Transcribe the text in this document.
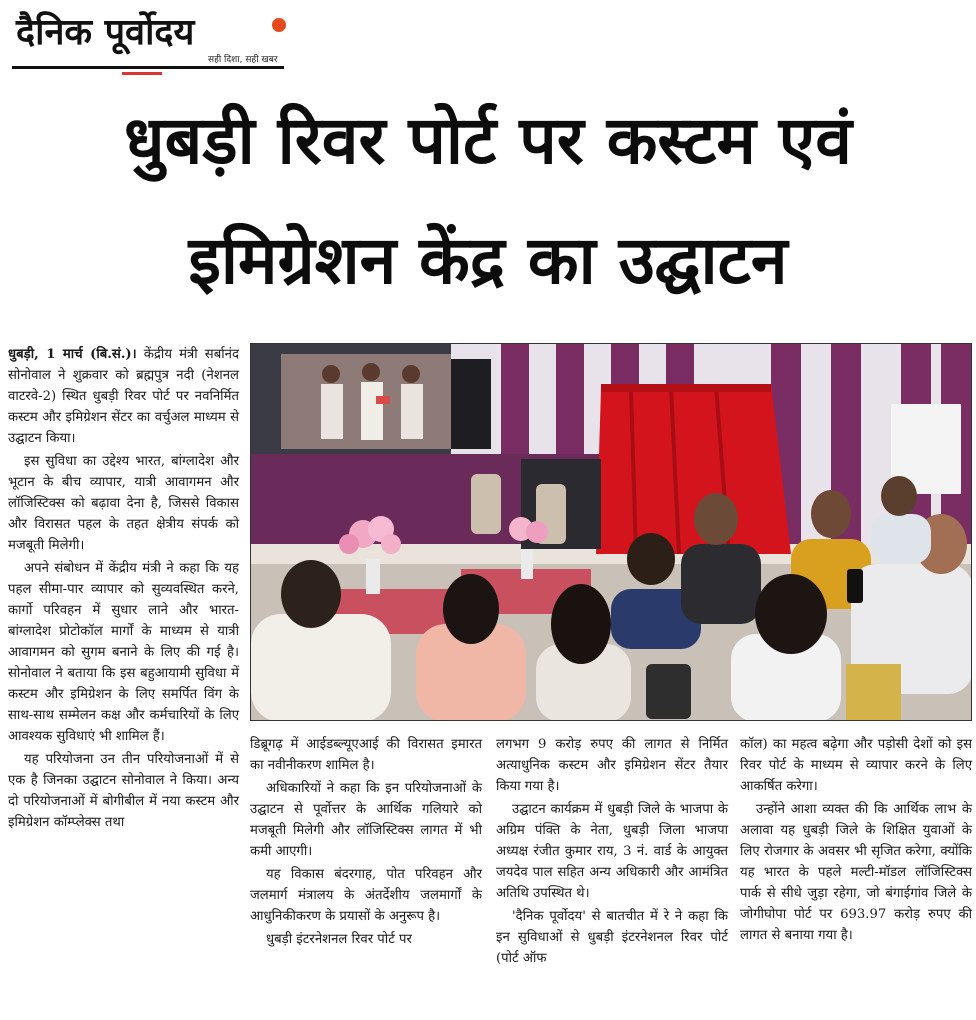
दैनिक पूर्वोदय
सही दिशा, सही खबर
धुबड़ी रिवर पोर्ट पर कस्टम एवं
इमिग्रेशन केंद्र का उद्घाटन

धुबड़ी, 1 मार्च (बि.सं.)। केंद्रीय मंत्री सर्बानंद सोनोवाल ने शुक्रवार को ब्रह्मपुत्र नदी (नेशनल वाटरवे-2) स्थित धुबड़ी रिवर पोर्ट पर नवनिर्मित कस्टम और इमिग्रेशन सेंटर का वर्चुअल माध्यम से उद्घाटन किया।

इस सुविधा का उद्देश्य भारत, बांग्लादेश और भूटान के बीच व्यापार, यात्री आवागमन और लॉजिस्टिक्स को बढ़ावा देना है, जिससे विकास और विरासत पहल के तहत क्षेत्रीय संपर्क को मजबूती मिलेगी।

अपने संबोधन में केंद्रीय मंत्री ने कहा कि यह पहल सीमा-पार व्यापार को सुव्यवस्थित करने, कार्गो परिवहन में सुधार लाने और भारत-बांग्लादेश प्रोटोकॉल मार्गों के माध्यम से यात्री आवागमन को सुगम बनाने के लिए की गई है। सोनोवाल ने बताया कि इस बहुआयामी सुविधा में कस्टम और इमिग्रेशन के लिए समर्पित विंग के साथ-साथ सम्मेलन कक्ष और कर्मचारियों के लिए आवश्यक सुविधाएं भी शामिल हैं।

यह परियोजना उन तीन परियोजनाओं में से एक है जिनका उद्घाटन सोनोवाल ने किया। अन्य दो परियोजनाओं में बोगीबील में नया कस्टम और इमिग्रेशन कॉम्प्लेक्स तथा

डिब्रूगढ़ में आईडब्ल्यूएआई की विरासत इमारत का नवीनीकरण शामिल है।

अधिकारियों ने कहा कि इन परियोजनाओं के उद्घाटन से पूर्वोत्तर के आर्थिक गलियारे को मजबूती मिलेगी और लॉजिस्टिक्स लागत में भी कमी आएगी।

यह विकास बंदरगाह, पोत परिवहन और जलमार्ग मंत्रालय के अंतर्देशीय जलमार्गों के आधुनिकीकरण के प्रयासों के अनुरूप है।

धुबड़ी इंटरनेशनल रिवर पोर्ट पर

लगभग 9 करोड़ रुपए की लागत से निर्मित अत्याधुनिक कस्टम और इमिग्रेशन सेंटर तैयार किया गया है।

उद्घाटन कार्यक्रम में धुबड़ी जिले के भाजपा के अग्रिम पंक्ति के नेता, धुबड़ी जिला भाजपा अध्यक्ष रंजीत कुमार राय, 3 नं. वार्ड के आयुक्त जयदेव पाल सहित अन्य अधिकारी और आमंत्रित अतिथि उपस्थित थे।

'दैनिक पूर्वोदय' से बातचीत में रे ने कहा कि इन सुविधाओं से धुबड़ी इंटरनेशनल रिवर पोर्ट (पोर्ट ऑफ

कॉल) का महत्व बढ़ेगा और पड़ोसी देशों को इस रिवर पोर्ट के माध्यम से व्यापार करने के लिए आकर्षित करेगा।

उन्होंने आशा व्यक्त की कि आर्थिक लाभ के अलावा यह धुबड़ी जिले के शिक्षित युवाओं के लिए रोजगार के अवसर भी सृजित करेगा, क्योंकि यह भारत के पहले मल्टी-मॉडल लॉजिस्टिक्स पार्क से सीधे जुड़ा रहेगा, जो बंगाईगांव जिले के जोगीघोपा पोर्ट पर 693.97 करोड़ रुपए की लागत से बनाया गया है।
